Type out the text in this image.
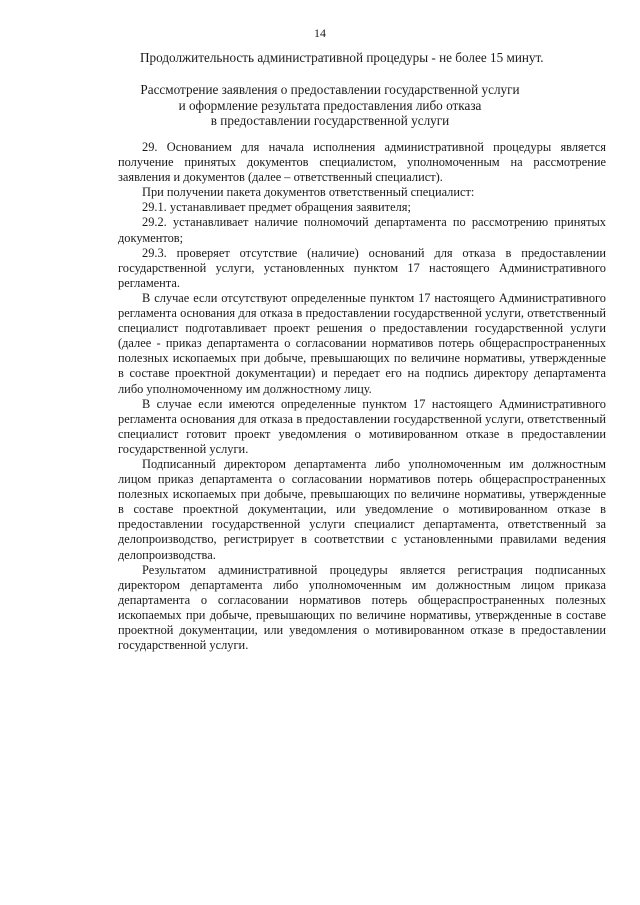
14
Продолжительность административной процедуры - не более 15 минут.
Рассмотрение заявления о предоставлении государственной услуги
и оформление результата предоставления либо отказа
в предоставлении государственной услуги

29. Основанием для начала исполнения административной процедуры является получение принятых документов специалистом, уполномоченным на рассмотрение заявления и документов (далее – ответственный специалист).

При получении пакета документов ответственный специалист:

29.1. устанавливает предмет обращения заявителя;

29.2. устанавливает наличие полномочий департамента по рассмотрению принятых документов;

29.3. проверяет отсутствие (наличие) оснований для отказа в предоставлении государственной услуги, установленных пунктом 17 настоящего Административного регламента.

В случае если отсутствуют определенные пунктом 17 настоящего Административного регламента основания для отказа в предоставлении государственной услуги, ответственный специалист подготавливает проект решения о предоставлении государственной услуги (далее - приказ департамента о согласовании нормативов потерь общераспространенных полезных ископаемых при добыче, превышающих по величине нормативы, утвержденные в составе проектной документации) и передает его на подпись директору департамента либо уполномоченному им должностному лицу.

В случае если имеются определенные пунктом 17 настоящего Административного регламента основания для отказа в предоставлении государственной услуги, ответственный специалист готовит проект уведомления о мотивированном отказе в предоставлении государственной услуги.

Подписанный директором департамента либо уполномоченным им должностным лицом приказ департамента о согласовании нормативов потерь общераспространенных полезных ископаемых при добыче, превышающих по величине нормативы, утвержденные в составе проектной документации, или уведомление о мотивированном отказе в предоставлении государственной услуги специалист департамента, ответственный за делопроизводство, регистрирует в соответствии с установленными правилами ведения делопроизводства.

Результатом административной процедуры является регистрация подписанных директором департамента либо уполномоченным им должностным лицом приказа департамента о согласовании нормативов потерь общераспространенных полезных ископаемых при добыче, превышающих по величине нормативы, утвержденные в составе проектной документации, или уведомления о мотивированном отказе в предоставлении государственной услуги.
